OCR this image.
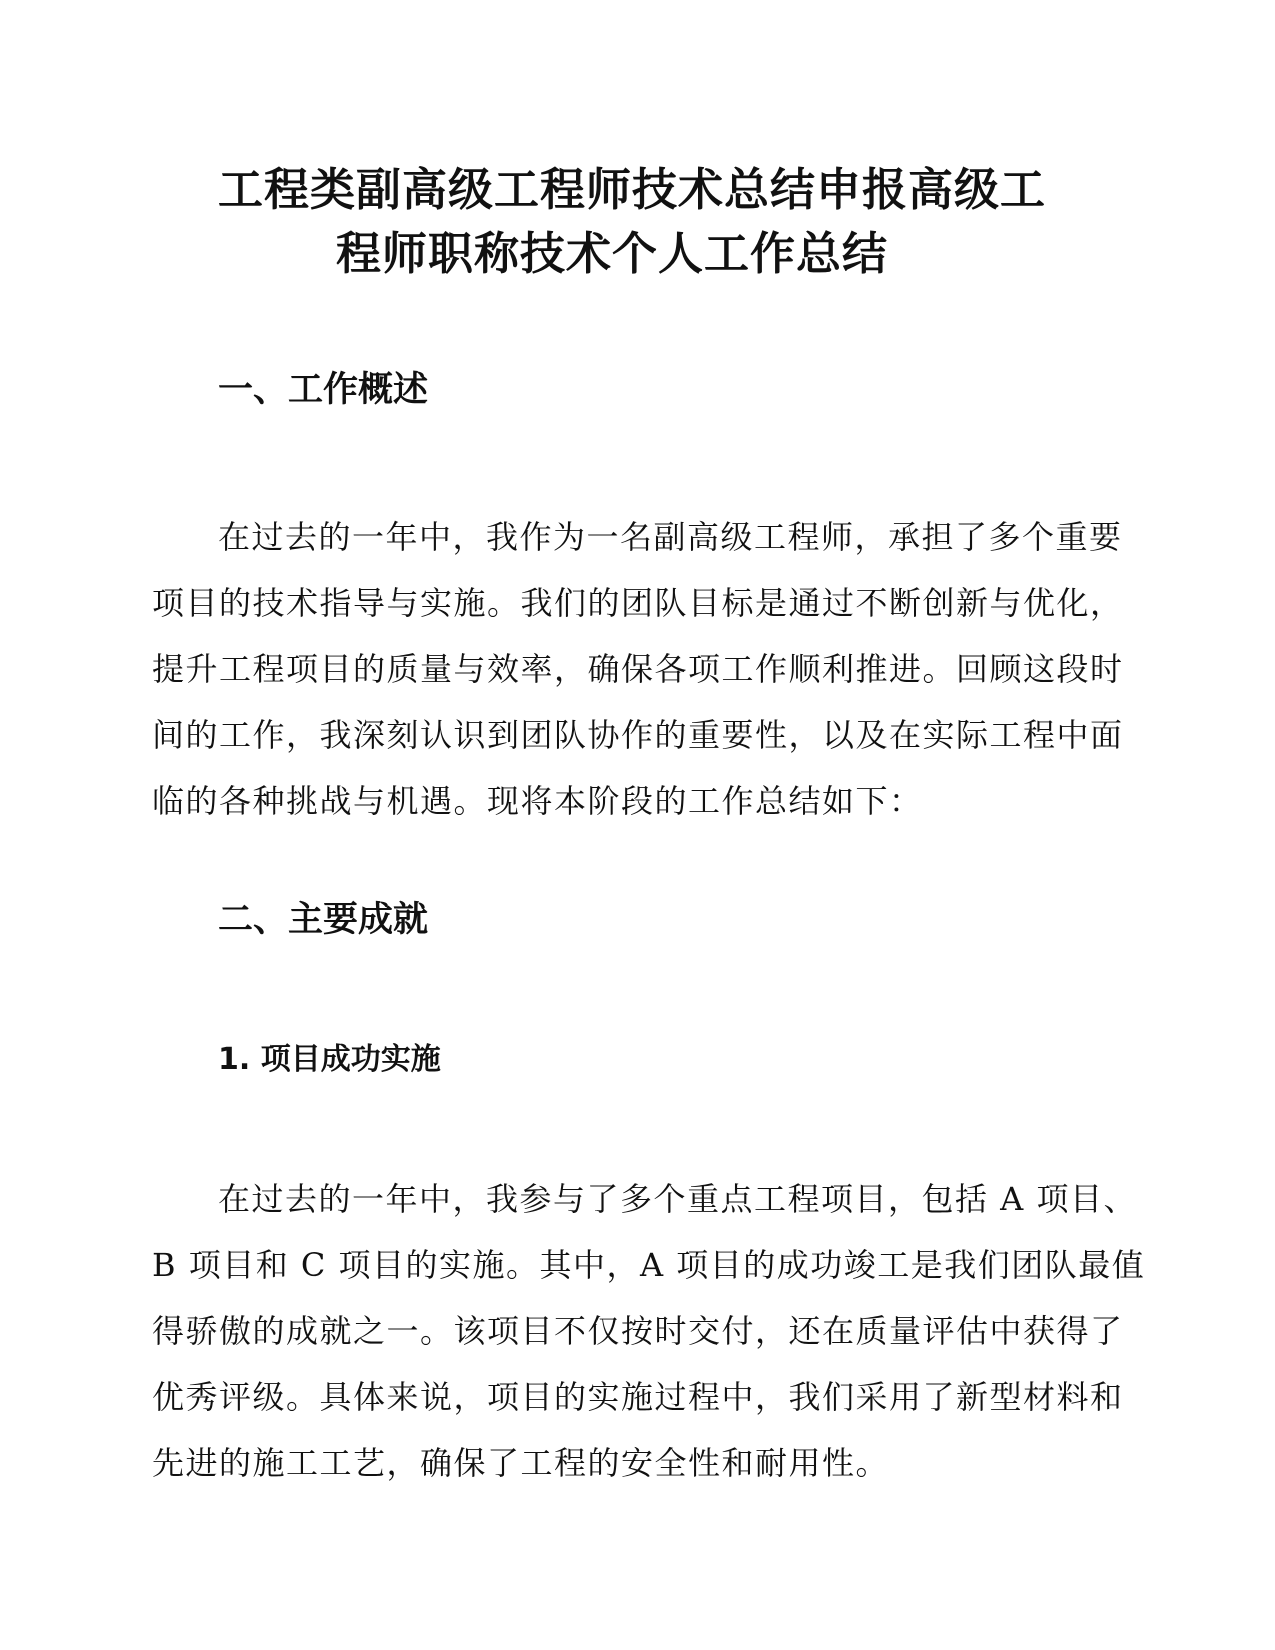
工程类副高级工程师技术总结申报高级工
程师职称技术个人工作总结
一、工作概述
在过去的一年中，我作为一名副高级工程师，承担了多个重要
项目的技术指导与实施。我们的团队目标是通过不断创新与优化，
提升工程项目的质量与效率，确保各项工作顺利推进。回顾这段时
间的工作，我深刻认识到团队协作的重要性，以及在实际工程中面
临的各种挑战与机遇。现将本阶段的工作总结如下：
二、主要成就
1. 项目成功实施
在过去的一年中，我参与了多个重点工程项目，包括 A 项目、
B 项目和 C 项目的实施。其中，A 项目的成功竣工是我们团队最值
得骄傲的成就之一。该项目不仅按时交付，还在质量评估中获得了
优秀评级。具体来说，项目的实施过程中，我们采用了新型材料和
先进的施工工艺，确保了工程的安全性和耐用性。
